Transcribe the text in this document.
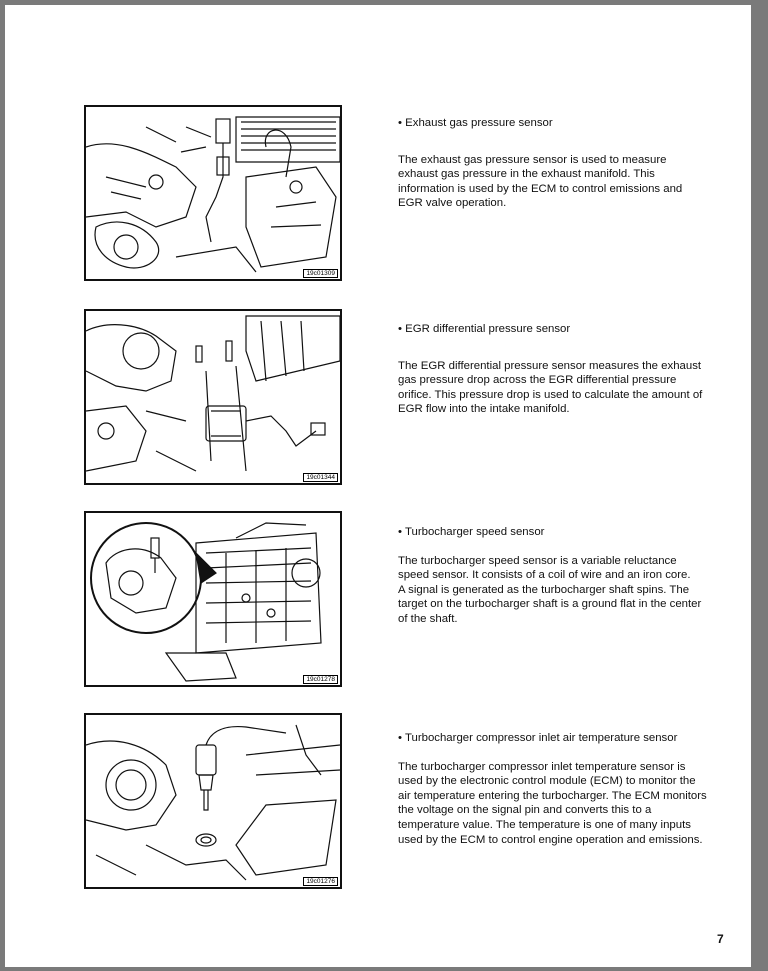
19c01309

• Exhaust gas pressure sensor

The exhaust gas pressure sensor is used to measure exhaust gas pressure in the exhaust manifold. This information is used by the ECM to control emissions and EGR valve operation.

19c01344

• EGR differential pressure sensor

The EGR differential pressure sensor measures the exhaust gas pressure drop across the EGR differential pressure orifice. This pressure drop is used to calculate the amount of EGR flow into the intake manifold.

19c01278

• Turbocharger speed sensor

The turbocharger speed sensor is a variable reluctance speed sensor. It consists of a coil of wire and an iron core.
A signal is generated as the turbocharger shaft spins. The target on the turbocharger shaft is a ground flat in the center of the shaft.

19c01276

• Turbocharger compressor inlet air temperature sensor

The turbocharger compressor inlet temperature sensor is used by the electronic control module (ECM) to monitor the air temperature entering the turbocharger. The ECM monitors the voltage on the signal pin and converts this to a temperature value. The temperature is one of many inputs used by the ECM to control engine operation and emissions.

7
